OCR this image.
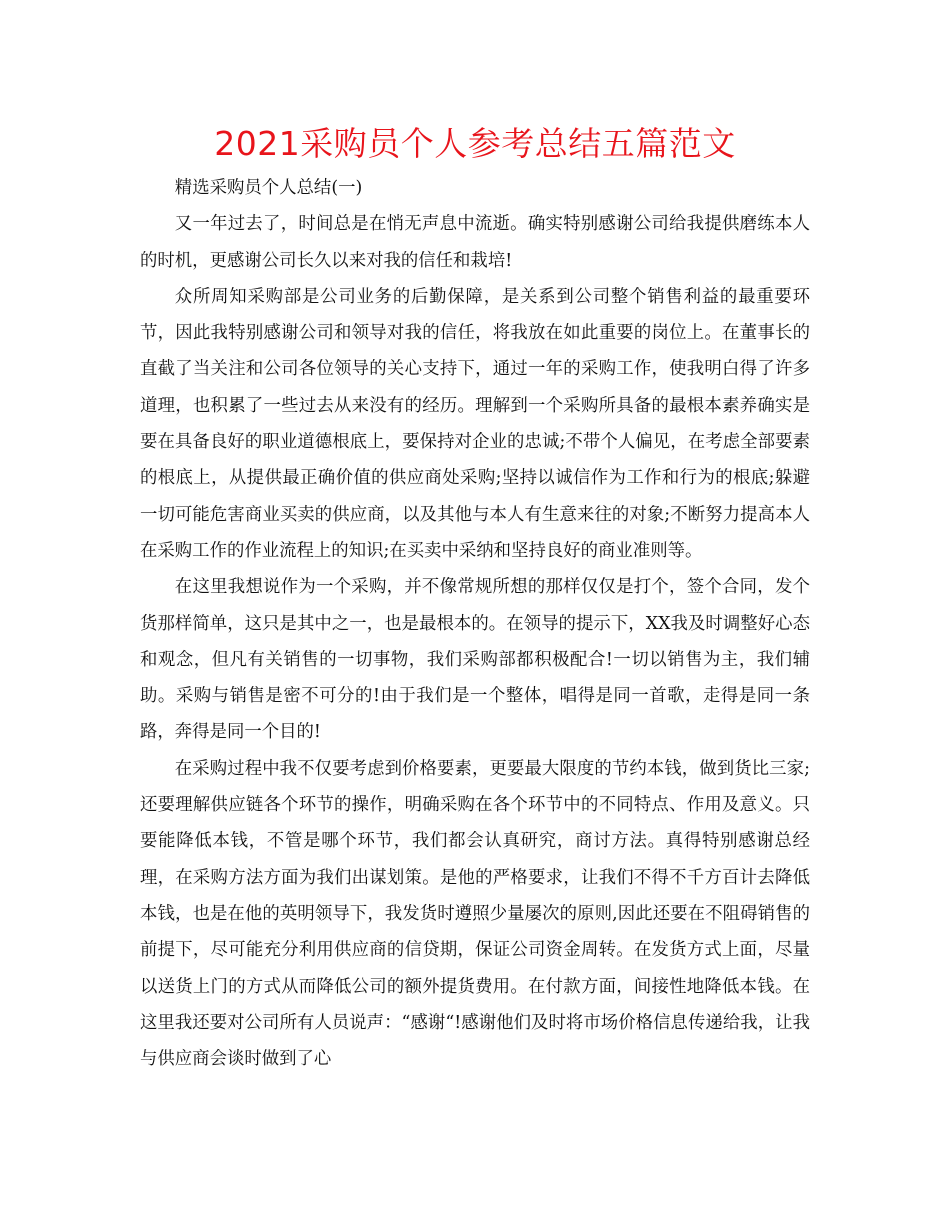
2021采购员个人参考总结五篇范文

精选采购员个人总结(一)

又一年过去了，时间总是在悄无声息中流逝。确实特别感谢公司给我提供磨练本人的时机，更感谢公司长久以来对我的信任和栽培!

众所周知采购部是公司业务的后勤保障，是关系到公司整个销售利益的最重要环节，因此我特别感谢公司和领导对我的信任，将我放在如此重要的岗位上。在董事长的直截了当关注和公司各位领导的关心支持下，通过一年的采购工作，使我明白得了许多道理，也积累了一些过去从来没有的经历。理解到一个采购所具备的最根本素养确实是要在具备良好的职业道德根底上，要保持对企业的忠诚;不带个人偏见，在考虑全部要素的根底上，从提供最正确价值的供应商处采购;坚持以诚信作为工作和行为的根底;躲避一切可能危害商业买卖的供应商，以及其他与本人有生意来往的对象;不断努力提高本人在采购工作的作业流程上的知识;在买卖中采纳和坚持良好的商业准则等。

在这里我想说作为一个采购，并不像常规所想的那样仅仅是打个，签个合同，发个货那样简单，这只是其中之一，也是最根本的。在领导的提示下，XX我及时调整好心态和观念，但凡有关销售的一切事物，我们采购部都积极配合!一切以销售为主，我们辅助。采购与销售是密不可分的!由于我们是一个整体，唱得是同一首歌，走得是同一条路，奔得是同一个目的!

在采购过程中我不仅要考虑到价格要素，更要最大限度的节约本钱，做到货比三家;还要理解供应链各个环节的操作，明确采购在各个环节中的不同特点、作用及意义。只要能降低本钱，不管是哪个环节，我们都会认真研究，商讨方法。真得特别感谢总经理，在采购方法方面为我们出谋划策。是他的严格要求，让我们不得不千方百计去降低本钱，也是在他的英明领导下，我发货时遵照少量屡次的原则,因此还要在不阻碍销售的前提下，尽可能充分利用供应商的信贷期，保证公司资金周转。在发货方式上面，尽量以送货上门的方式从而降低公司的额外提货费用。在付款方面，间接性地降低本钱。在这里我还要对公司所有人员说声：“感谢“!感谢他们及时将市场价格信息传递给我，让我与供应商会谈时做到了心
